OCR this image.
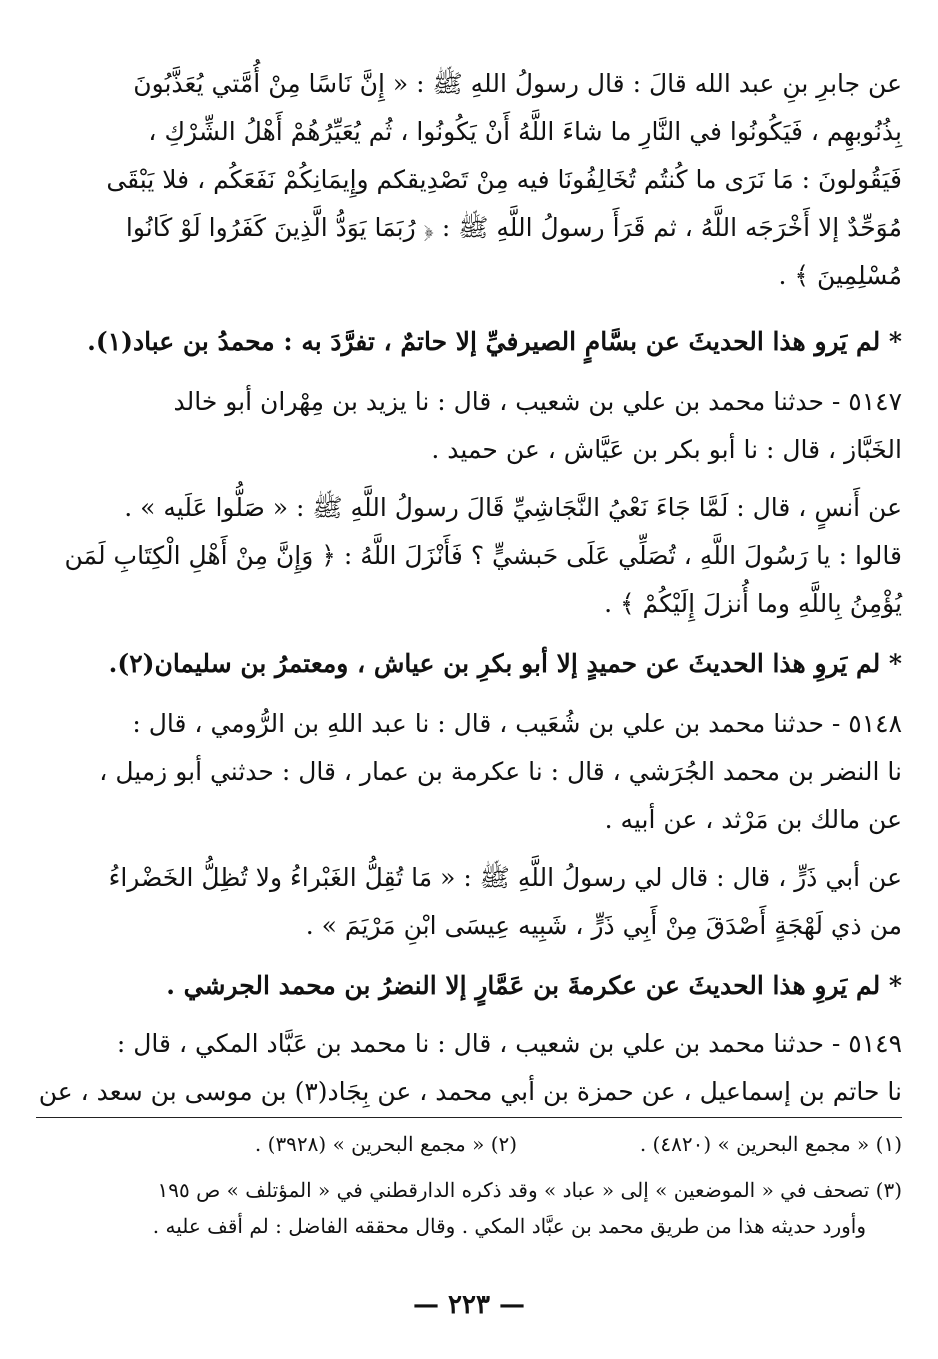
عن جابرِ بنِ عبد الله قالَ : قال رسولُ اللهِ ﷺ : « إِنَّ نَاسًا مِنْ أُمَّتي يُعَذَّبُونَ
بِذُنُوبهِم ، فَيَكُونُوا في النَّارِ ما شاءَ اللَّهُ أَنْ يَكُونُوا ، ثُم يُعَيِّرُهُمْ أَهْلُ الشِّرْكِ ،
فَيَقُولونَ : مَا نَرَى ما كُنتُم تُخَالِفُونَا فيه مِنْ تَصْدِيقكم وإِيمَانِكُمْ نَفَعَكُم ، فلا يَبْقَى
مُوَحِّدٌ إلا أَخْرَجَه اللَّهُ ، ثم قَرَأَ رسولُ اللَّهِ ﷺ : ﴿ رُبَمَا يَوَدُّ الَّذِينَ كَفَرُوا لَوْ كَانُوا
مُسْلِمِينَ ﴾ .
* لم يَرو هذا الحديثَ عن بسَّامٍ الصيرفيِّ إلا حاتمٌ ، تفرَّدَ به : محمدُ بن عباد(١).
٥١٤٧ - حدثنا محمد بن علي بن شعيب ، قال : نا يزيد بن مِهْران أبو خالد
الخَبَّاز ، قال : نا أبو بكر بن عَيَّاش ، عن حميد .
عن أَنسٍ ، قال : لَمَّا جَاءَ نَعْيُ النَّجَاشِيِّ قَالَ رسولُ اللَّهِ ﷺ : « صَلُّوا عَلَيه » .
قالوا : يا رَسُولَ اللَّهِ ، تُصَلِّي عَلَى حَبشيٍّ ؟ فَأَنْزَلَ اللَّهُ : ﴿ وَإِنَّ مِنْ أَهْلِ الْكِتَابِ لَمَن
يُؤْمِنُ بِاللَّهِ وما أُنزلَ إِلَيْكُمْ ﴾ .
* لم يَروِ هذا الحديثَ عن حميدٍ إلا أبو بكرِ بن عياش ، ومعتمرُ بن سليمان(٢).
٥١٤٨ - حدثنا محمد بن علي بن شُعَيب ، قال : نا عبد اللهِ بن الرُّومي ، قال :
نا النضر بن محمد الجُرَشي ، قال : نا عكرمة بن عمار ، قال : حدثني أبو زميل ،
عن مالك بن مَرْثد ، عن أبيه .
عن أبي ذَرٍّ ، قال : قال لي رسولُ اللَّهِ ﷺ : « مَا تُقِلُّ الغَبْراءُ ولا تُظِلُّ الخَضْراءُ
من ذي لَهْجَةٍ أَصْدَقَ مِنْ أَبِي ذَرٍّ ، شَبِيه عِيسَى ابْنِ مَرْيَمَ » .
* لم يَروِ هذا الحديثَ عن عكرمةَ بن عَمَّارٍ إلا النضرُ بن محمد الجرشي .
٥١٤٩ - حدثنا محمد بن علي بن شعيب ، قال : نا محمد بن عَبَّاد المكي ، قال :
نا حاتم بن إسماعيل ، عن حمزة بن أبي محمد ، عن بِجَاد(٣) بن موسى بن سعد ، عن
(١) « مجمع البحرين » (٤٨٢٠) .  (٢) « مجمع البحرين » (٣٩٢٨) .
(٣) تصحف في « الموضعين » إلى « عباد » وقد ذكره الدارقطني في « المؤتلف » ص ١٩٥
وأورد حديثه هذا من طريق محمد بن عبَّاد المكي . وقال محققه الفاضل : لم أقف عليه .
— ٢٢٣ —
